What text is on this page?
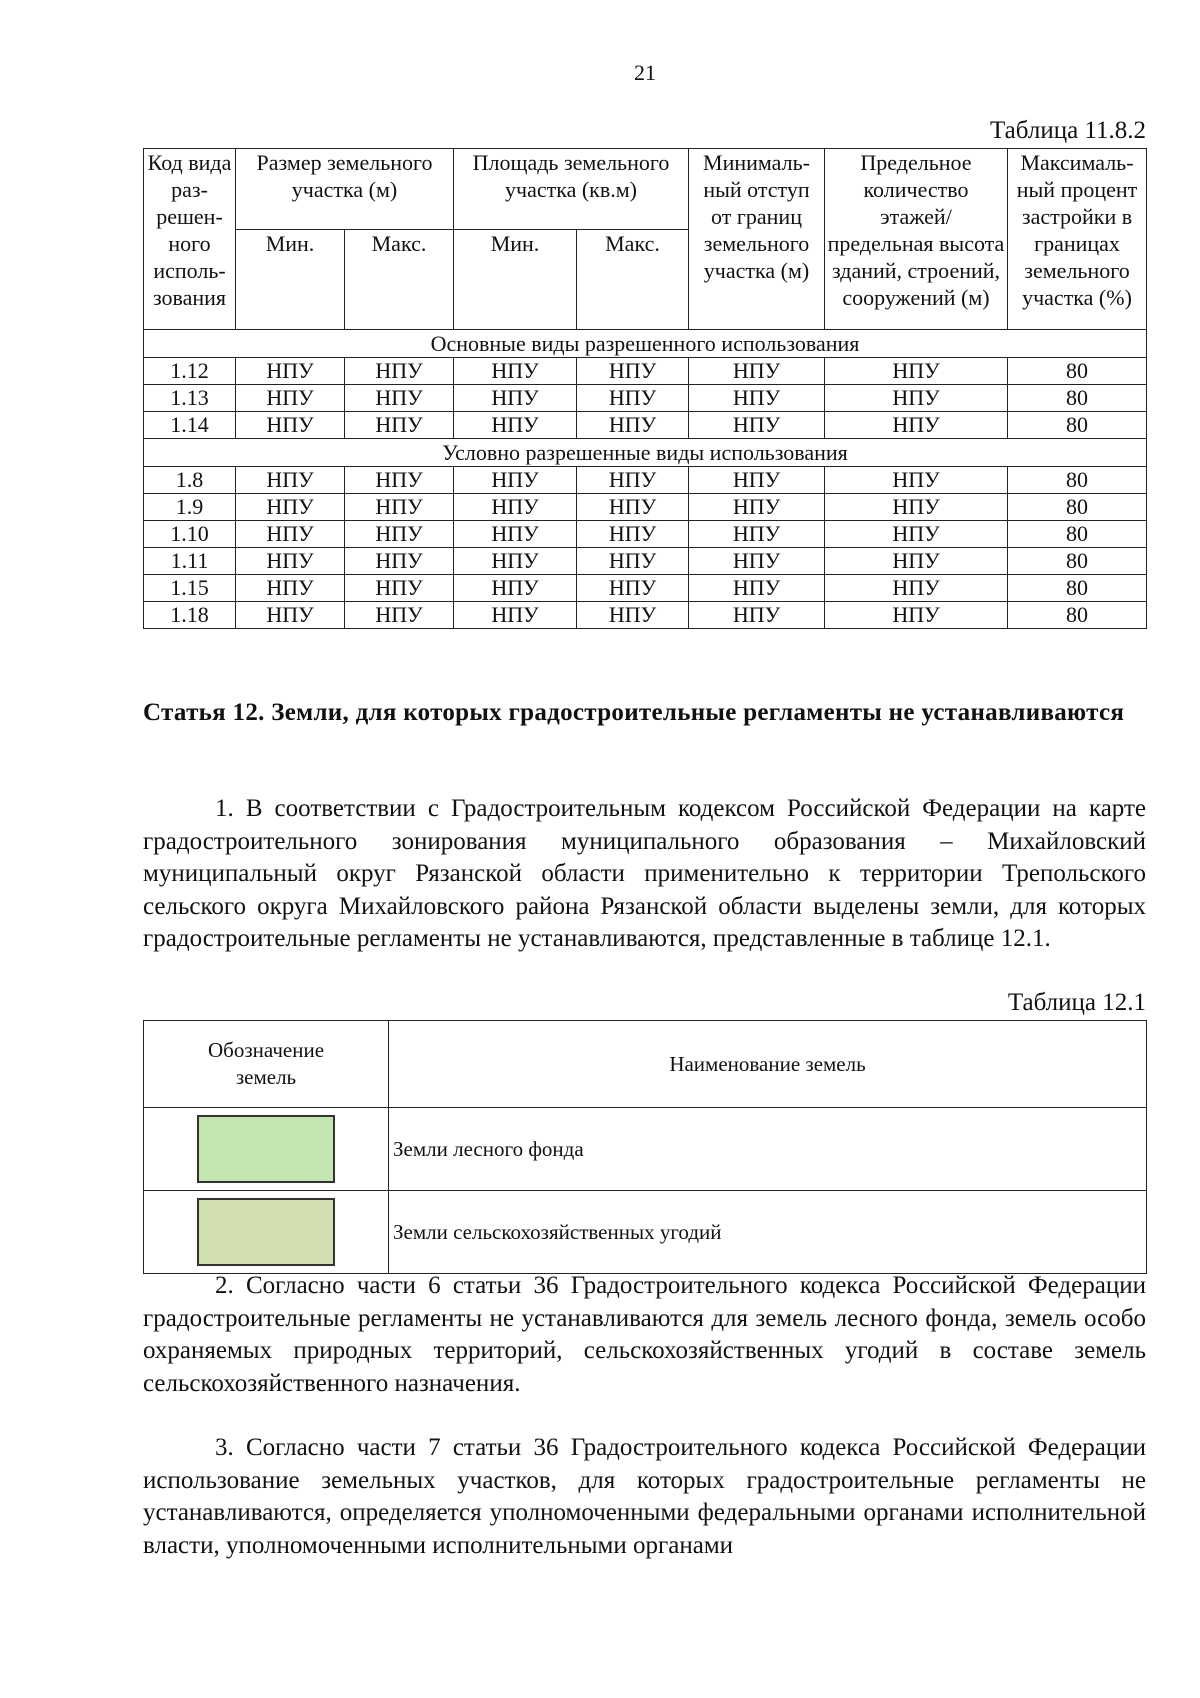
21
Таблица 11.8.2
Код вида раз-решен-ного исполь-зования	Размер земельного участка (м)		Площадь земельного участка (кв.м)		Минималь-ный отступ от границ земельного участка (м)	Предельное количество этажей/ предельная высота зданий, строений, сооружений (м)	Максималь-ный процент застройки в границах земельного участка (%)
	Мин.	Макс.	Мин.	Макс.			
Основные виды разрешенного использования							
1.12	НПУ	НПУ	НПУ	НПУ	НПУ	НПУ	80
1.13	НПУ	НПУ	НПУ	НПУ	НПУ	НПУ	80
1.14	НПУ	НПУ	НПУ	НПУ	НПУ	НПУ	80
Условно разрешенные виды использования							
1.8	НПУ	НПУ	НПУ	НПУ	НПУ	НПУ	80
1.9	НПУ	НПУ	НПУ	НПУ	НПУ	НПУ	80
1.10	НПУ	НПУ	НПУ	НПУ	НПУ	НПУ	80
1.11	НПУ	НПУ	НПУ	НПУ	НПУ	НПУ	80
1.15	НПУ	НПУ	НПУ	НПУ	НПУ	НПУ	80
1.18	НПУ	НПУ	НПУ	НПУ	НПУ	НПУ	80
Статья 12. Земли, для которых градостроительные регламенты не устанавливаются
1. В соответствии с Градостроительным кодексом Российской Федерации на карте градостроительного зонирования муниципального образования – Михайловский муниципальный округ Рязанской области применительно к территории Трепольского сельского округа Михайловского района Рязанской области выделены земли, для которых градостроительные регламенты не устанавливаются, представленные в таблице 12.1.
Таблица 12.1
Обозначение земель	Наименование земель
	Земли лесного фонда
	Земли сельскохозяйственных угодий
2. Согласно части 6 статьи 36 Градостроительного кодекса Российской Федерации градостроительные регламенты не устанавливаются для земель лесного фонда, земель особо охраняемых природных территорий, сельскохозяйственных угодий в составе земель сельскохозяйственного назначения.
3. Согласно части 7 статьи 36 Градостроительного кодекса Российской Федерации использование земельных участков, для которых градостроительные регламенты не устанавливаются, определяется уполномоченными федеральными органами исполнительной власти, уполномоченными исполнительными органами
